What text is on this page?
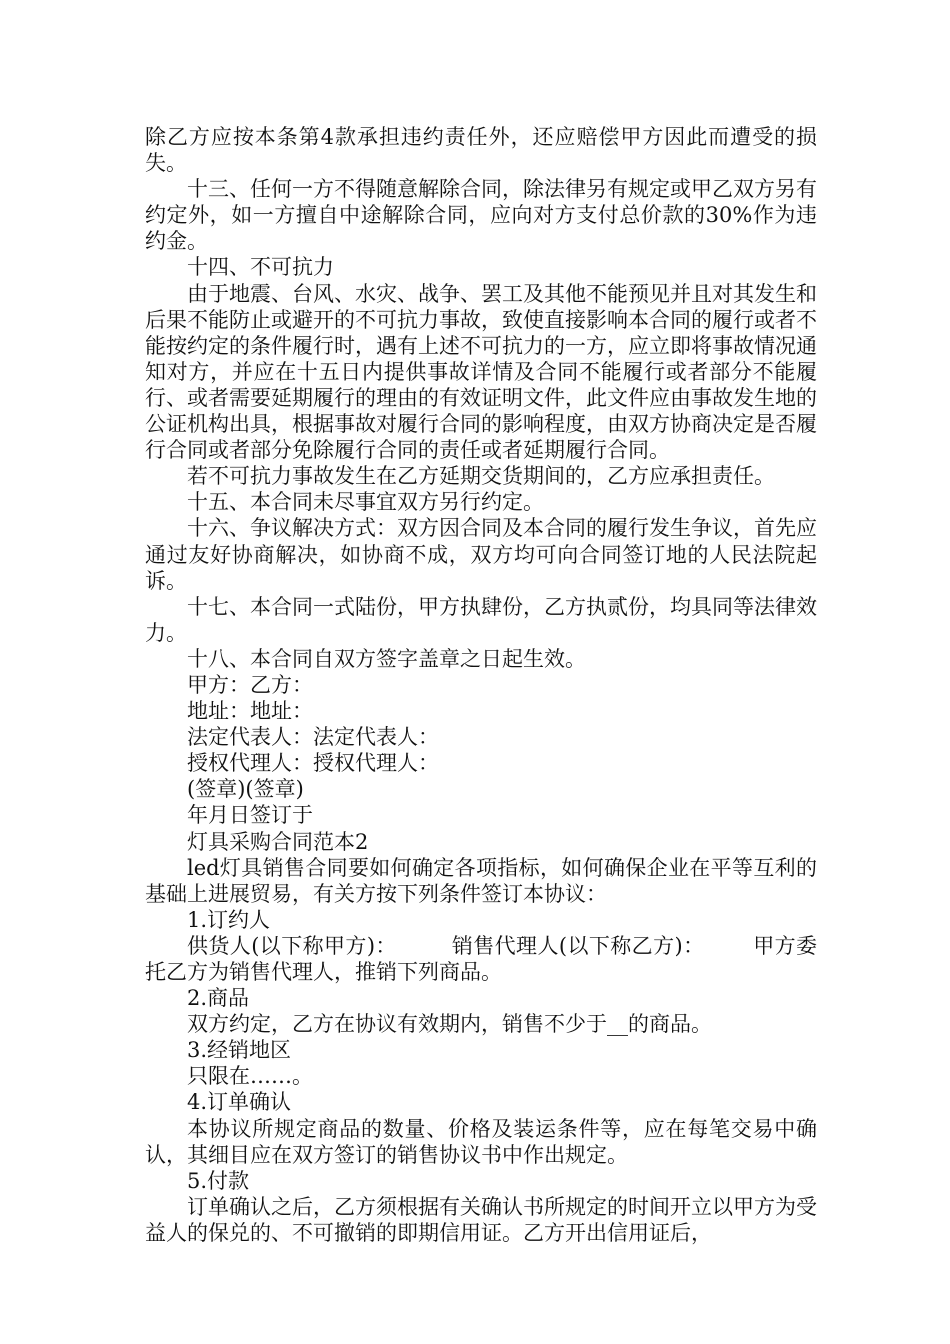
除乙方应按本条第4款承担违约责任外，还应赔偿甲方因此而遭受的损失。

十三、任何一方不得随意解除合同，除法律另有规定或甲乙双方另有约定外，如一方擅自中途解除合同，应向对方支付总价款的30%作为违约金。

十四、不可抗力

由于地震、台风、水灾、战争、罢工及其他不能预见并且对其发生和后果不能防止或避开的不可抗力事故，致使直接影响本合同的履行或者不能按约定的条件履行时，遇有上述不可抗力的一方，应立即将事故情况通知对方，并应在十五日内提供事故详情及合同不能履行或者部分不能履行、或者需要延期履行的理由的有效证明文件，此文件应由事故发生地的公证机构出具，根据事故对履行合同的影响程度，由双方协商决定是否履行合同或者部分免除履行合同的责任或者延期履行合同。

若不可抗力事故发生在乙方延期交货期间的，乙方应承担责任。

十五、本合同未尽事宜双方另行约定。

十六、争议解决方式：双方因合同及本合同的履行发生争议，首先应通过友好协商解决，如协商不成，双方均可向合同签订地的人民法院起诉。

十七、本合同一式陆份，甲方执肆份，乙方执贰份，均具同等法律效力。

十八、本合同自双方签字盖章之日起生效。

甲方：乙方：

地址：地址：

法定代表人：法定代表人：

授权代理人：授权代理人：

(签章)(签章)

年月日签订于

灯具采购合同范本2

led灯具销售合同要如何确定各项指标，如何确保企业在平等互利的基础上进展贸易，有关方按下列条件签订本协议：

1.订约人

供货人(以下称甲方)：	销售代理人(以下称乙方)： 甲方委托乙方为销售代理人，推销下列商品。

2.商品

双方约定，乙方在协议有效期内，销售不少于__的商品。

3.经销地区

只限在……。

4.订单确认

本协议所规定商品的数量、价格及装运条件等，应在每笔交易中确认，其细目应在双方签订的销售协议书中作出规定。

5.付款

订单确认之后，乙方须根据有关确认书所规定的时间开立以甲方为受益人的保兑的、不可撤销的即期信用证。乙方开出信用证后，
